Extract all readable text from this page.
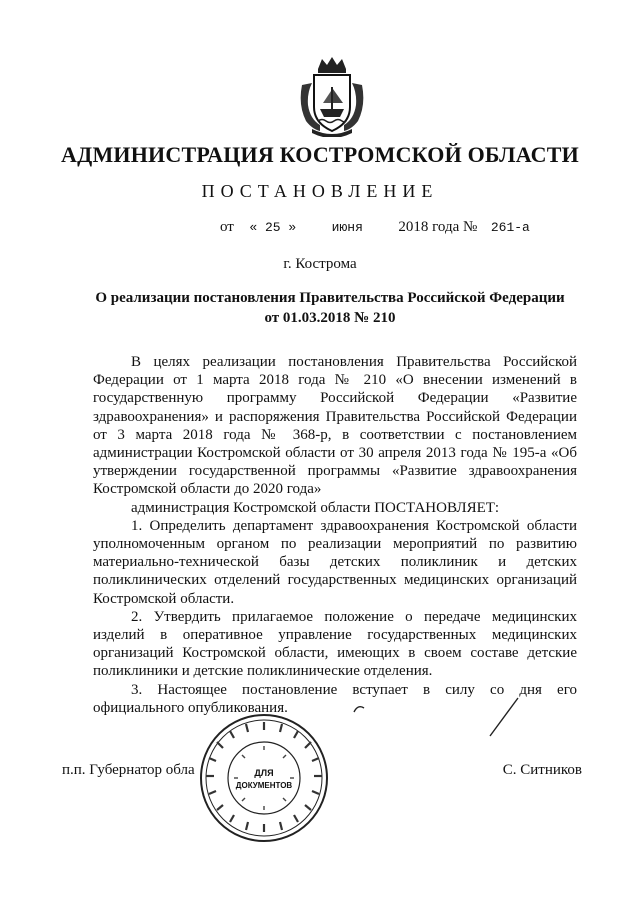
АДМИНИСТРАЦИЯ КОСТРОМСКОЙ ОБЛАСТИ
ПОСТАНОВЛЕНИЕ
от « 25 »	июня 2018 года № 261-а
г. Кострома
О реализации постановления Правительства Российской Федерации
от 01.03.2018 № 210

В целях реализации постановления Правительства Российской Федерации от 1 марта 2018 года № 210 «О внесении изменений в государственную программу Российской Федерации «Развитие здравоохранения» и распоряжения Правительства Российской Федерации от 3 марта 2018 года № 368-р, в соответствии с постановлением администрации Костромской области от 30 апреля 2013 года № 195-а «Об утверждении государственной программы «Развитие здравоохранения Костромской области до 2020 года»

администрация Костромской области ПОСТАНОВЛЯЕТ:

1. Определить департамент здравоохранения Костромской области уполномоченным органом по реализации мероприятий по развитию материально-технической базы детских поликлиник и детских поликлинических отделений государственных медицинских организаций Костромской области.

2. Утвердить прилагаемое положение о передаче медицинских изделий в оперативное управление государственных медицинских организаций Костромской области, имеющих в своем составе детские поликлиники и детские поликлинические отделения.

3. Настоящее постановление вступает в силу со дня его официального опубликования.

п.п. Губернатор обла	С. Ситников
ДЛЯ
ДОКУМЕНТОВ
